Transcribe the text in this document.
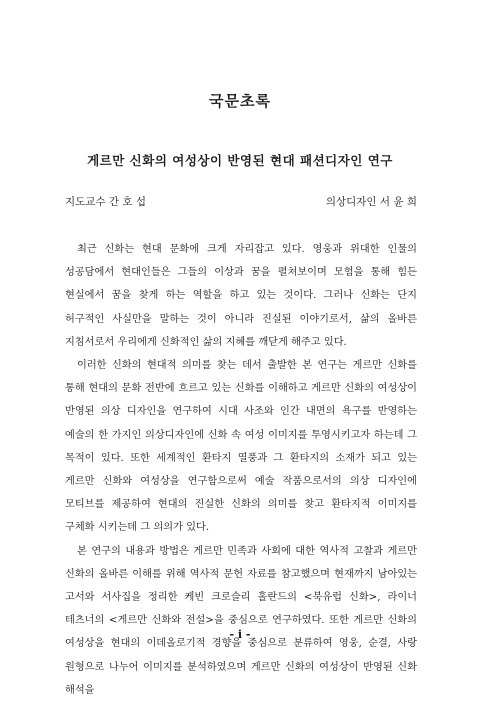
국문초록
게르만 신화의 여성상이 반영된 현대 패션디자인 연구
지도교수 간 호 섭	의상디자인 서 윤 희

최근 신화는 현대 문화에 크게 자리잡고 있다. 영웅과 위대한 인물의 성공담에서 현대인들은 그들의 이상과 꿈을 펼쳐보이며 모험을 통해 힘든 현실에서 꿈을 찾게 하는 역할을 하고 있는 것이다. 그러나 신화는 단지 허구적인 사실만을 말하는 것이 아니라 진실된 이야기로서, 삶의 올바른 지침서로서 우리에게 신화적인 삶의 지혜를 깨닫게 해주고 있다.

이러한 신화의 현대적 의미를 찾는 데서 출발한 본 연구는 게르만 신화를 통해 현대의 문화 전반에 흐르고 있는 신화를 이해하고 게르만 신화의 여성상이 반영된 의상 디자인을 연구하여 시대 사조와 인간 내면의 욕구를 반영하는 예술의 한 가지인 의상디자인에 신화 속 여성 이미지를 투영시키고자 하는데 그 목적이 있다. 또한 세계적인 환타지 열풍과 그 환타지의 소재가 되고 있는 게르만 신화와 여성상을 연구함으로써 예술 작품으로서의 의상 디자인에 모티브를 제공하여 현대의 진실한 신화의 의미를 찾고 환타지적 이미지를 구체화 시키는데 그 의의가 있다.

본 연구의 내용과 방법은 게르만 민족과 사회에 대한 역사적 고찰과 게르만 신화의 올바른 이해를 위해 역사적 문헌 자료를 참고했으며 현재까지 남아있는 고서와 서사집을 정리한 케빈 크로슬리 홀란드의 <북유럽 신화>, 라이너 테츠너의 <게르만 신화와 전설>을 중심으로 연구하였다. 또한 게르만 신화의 여성상을 현대의 이데올로기적 경향을 중심으로 분류하여 영웅, 순결, 사랑 원형으로 나누어 이미지를 분석하였으며 게르만 신화의 여성상이 반영된 신화 해석을

- i -
